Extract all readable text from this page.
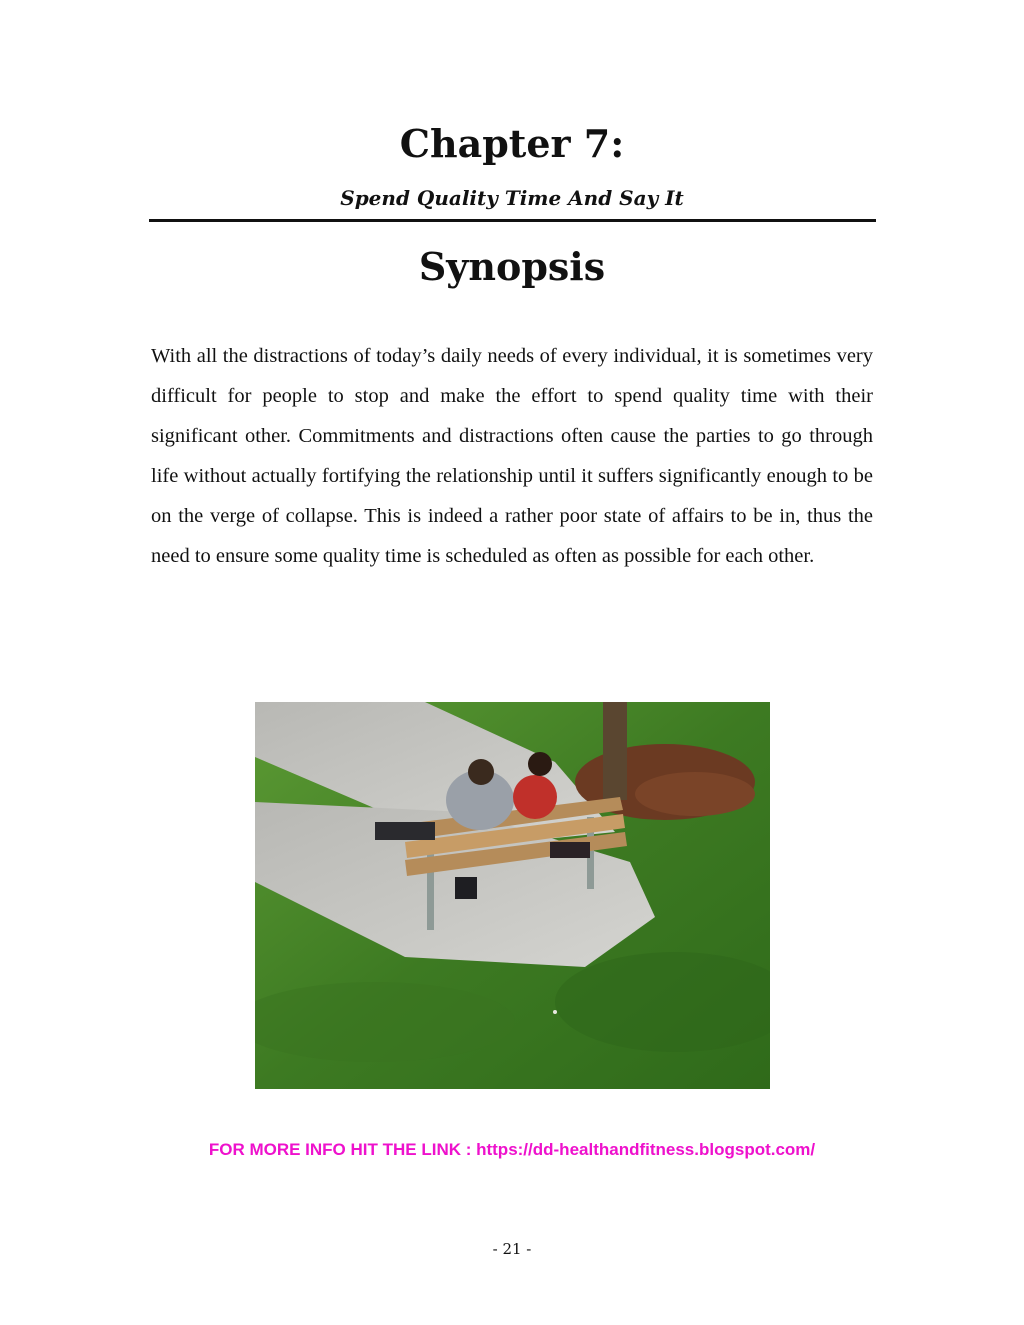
Chapter 7:
Spend Quality Time And Say It
Synopsis

With all the distractions of today’s daily needs of every individual, it is sometimes very difficult for people to stop and make the effort to spend quality time with their significant other. Commitments and distractions often cause the parties to go through life without actually fortifying the relationship until it suffers significantly enough to be on the verge of collapse. This is indeed a rather poor state of affairs to be in, thus the need to ensure some quality time is scheduled as often as possible for each other.

FOR MORE INFO HIT THE LINK : https://dd-healthandfitness.blogspot.com/
- 21 -
